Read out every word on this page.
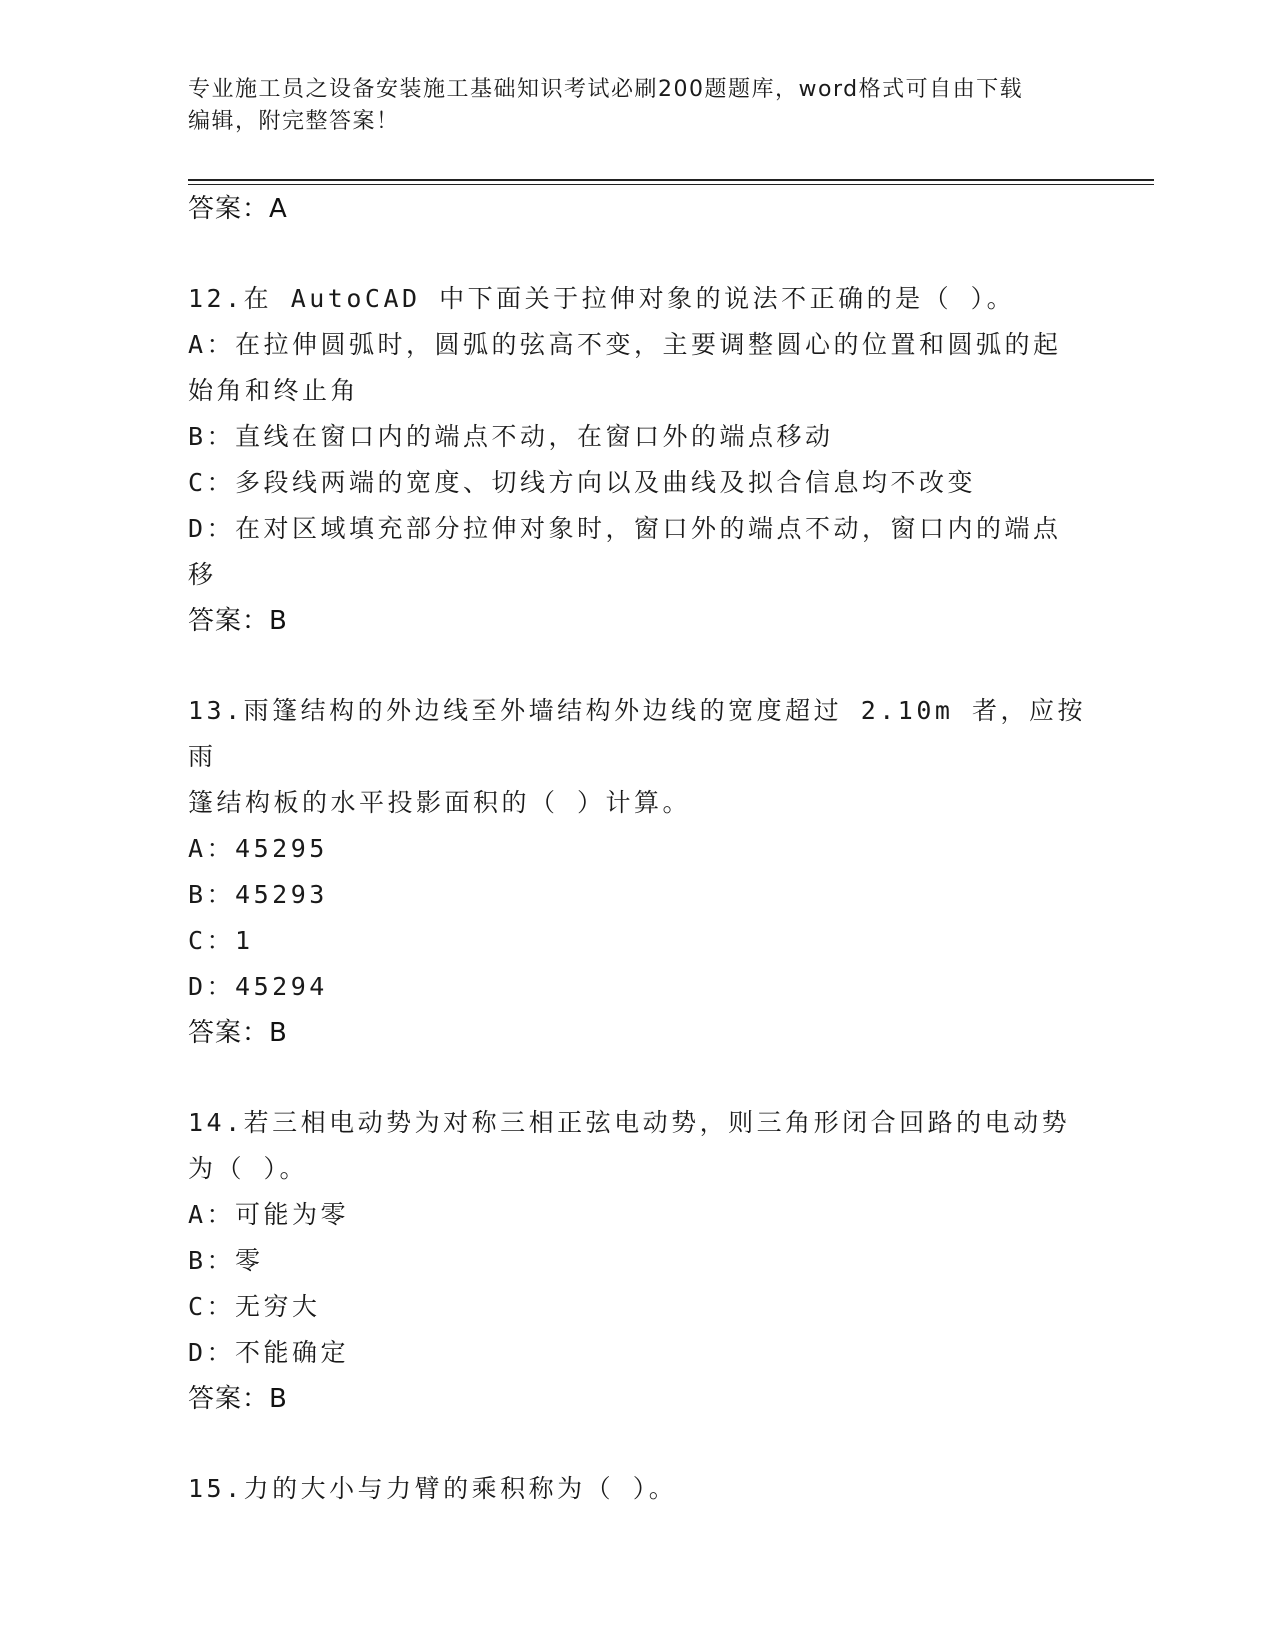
专业施工员之设备安装施工基础知识考试必刷200题题库，word格式可自由下载
编辑，附完整答案！
答案：A
12.在 AutoCAD 中下面关于拉伸对象的说法不正确的是（ ）。
A：在拉伸圆弧时，圆弧的弦高不变，主要调整圆心的位置和圆弧的起
始角和终止角
B：直线在窗口内的端点不动，在窗口外的端点移动
C：多段线两端的宽度、切线方向以及曲线及拟合信息均不改变
D：在对区域填充部分拉伸对象时，窗口外的端点不动，窗口内的端点
移
答案：B
13.雨篷结构的外边线至外墙结构外边线的宽度超过 2.10m 者，应按雨
篷结构板的水平投影面积的（ ）计算。
A：45295
B：45293
C：1
D：45294
答案：B
14.若三相电动势为对称三相正弦电动势，则三角形闭合回路的电动势
为（ ）。
A：可能为零
B：零
C：无穷大
D：不能确定
答案：B
15.力的大小与力臂的乘积称为（ ）。
